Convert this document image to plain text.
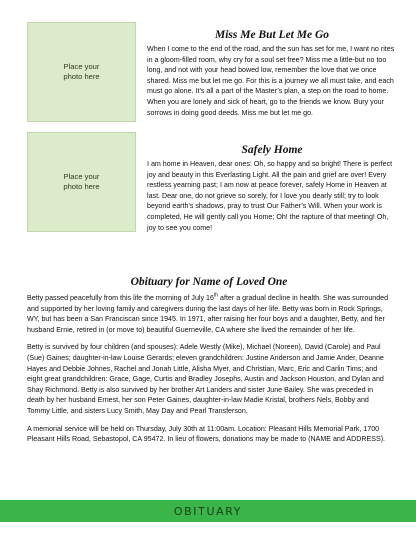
Place your
photo here
Miss Me But Let Me Go

When I come to the end of the road, and the sun has set for me, I want no rites in a gloom-filled room, why cry for a soul set free? Miss me a little-but no too long, and not with your head bowed low, remember the love that we once shared. Miss me but let me go. For this is a journey we all must take, and each must go alone. It’s all a part of the Master’s plan, a step on the road to home. When you are lonely and sick of heart, go to the friends we know. Bury your sorrows in doing good deeds. Miss me but let me go.

Place your
photo here
Safely Home

I am home in Heaven, dear ones: Oh, so happy and so bright! There is perfect joy and beauty in this Everlasting Light. All the pain and grief are over! Every restless yearning past; I am now at peace forever, safely Home in Heaven at last. Dear one, do not grieve so sorely, for I love you dearly still; try to look beyond earth’s shadows, pray to trust Our Father’s Will. When your work is completed, He will gently call you Home; Oh! the rapture of that meeting! Oh, joy to see you come!

Obituary for Name of Loved One

Betty passed peacefully from this life the morning of July 16th after a gradual decline in health. She was surrounded and supported by her loving family and caregivers during the last days of her life. Betty was born in Rock Springs, WY, but has been a San Franciscan since 1945. In 1971, after raising her four boys and a daughter, Betty, and her husband Ernie, retired in (or move to) beautiful Guerneville, CA where she lived the remainder of her life.

Betty is survived by four children (and spouses): Adele Westly (Mike), Michael (Noreen), David (Carole) and Paul (Sue) Gaines; daughter-in-law Louise Gerards; eleven grandchildren: Justine Anderson and Jamie Ander, Deanne Hayes and Debbie Johnes, Rachel and Jonah Little, Alisha Myer, and Christian, Marc, Eric and Carlin Tims; and eight great grandchildren: Grace, Gage, Curtis and Bradley Josephs, Austin and Jackson Houston, and Dylan and Shay Richmond. Betty is also survived by her brother Art Landers and sister June Bailey. She was preceded in death by her husband Ernest, her son Peter Gaines, daughter-in-law Madie Kristal, brothers Nels, Bobby and Tommy Little, and sisters Lucy Smith, May Day and Pearl Transferson.

A memorial service will be held on Thursday, July 30th at 11:00am. Location: Pleasant Hills Memorial Park, 1700 Pleasant Hills Road, Sebastopol, CA 95472. In lieu of flowers, donations may be made to (NAME and ADDRESS).

OBITUARY
